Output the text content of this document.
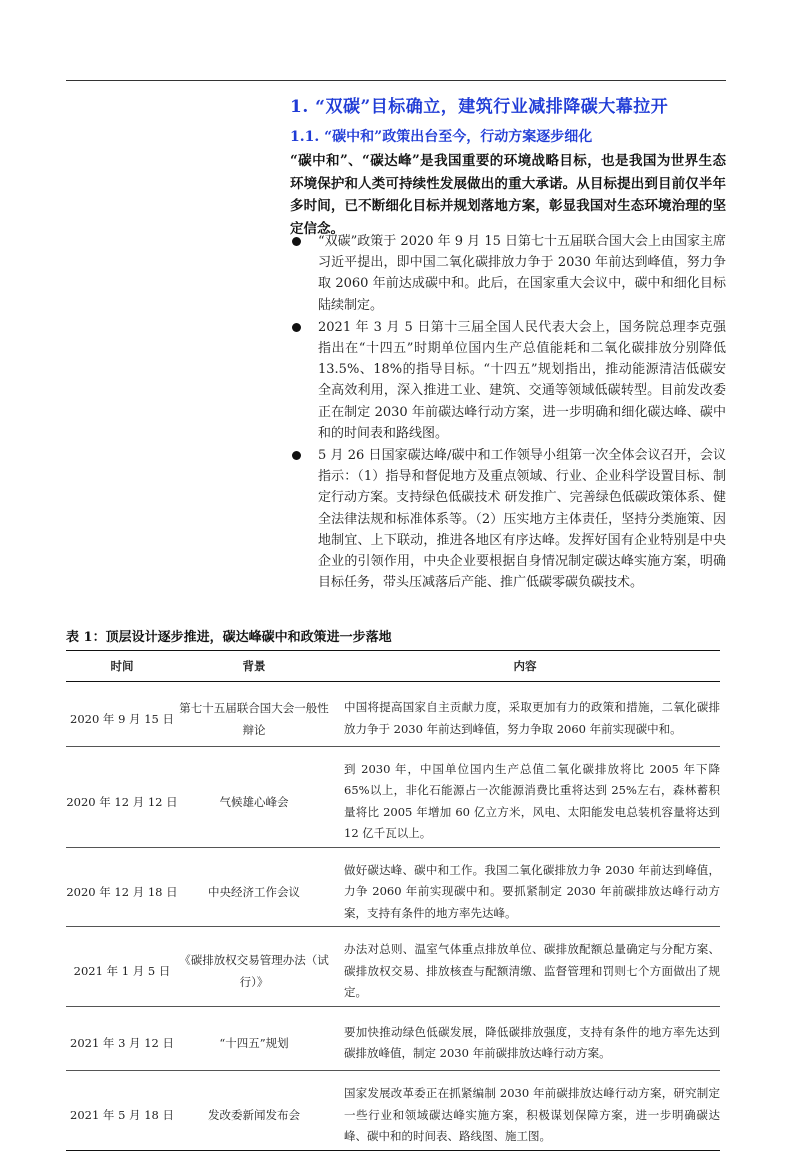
1. “双碳”目标确立，建筑行业减排降碳大幕拉开
1.1. “碳中和”政策出台至今，行动方案逐步细化
“碳中和”、“碳达峰”是我国重要的环境战略目标，也是我国为世界生态环境保护和人类可持续性发展做出的重大承诺。从目标提出到目前仅半年多时间，已不断细化目标并规划落地方案，彰显我国对生态环境治理的坚定信念。
“双碳”政策于 2020 年 9 月 15 日第七十五届联合国大会上由国家主席习近平提出，即中国二氧化碳排放力争于 2030 年前达到峰值，努力争取 2060 年前达成碳中和。此后，在国家重大会议中，碳中和细化目标陆续制定。
2021 年 3 月 5 日第十三届全国人民代表大会上，国务院总理李克强指出在“十四五”时期单位国内生产总值能耗和二氧化碳排放分别降低 13.5%、18%的指导目标。“十四五”规划指出，推动能源清洁低碳安全高效利用，深入推进工业、建筑、交通等领域低碳转型。目前发改委正在制定 2030 年前碳达峰行动方案，进一步明确和细化碳达峰、碳中和的时间表和路线图。
5 月 26 日国家碳达峰/碳中和工作领导小组第一次全体会议召开，会议指示：（1）指导和督促地方及重点领域、行业、企业科学设置目标、制定行动方案。支持绿色低碳技术 研发推广、完善绿色低碳政策体系、健全法律法规和标准体系等。（2）压实地方主体责任，坚持分类施策、因地制宜、上下联动，推进各地区有序达峰。发挥好国有企业特别是中央企业的引领作用，中央企业要根据自身情况制定碳达峰实施方案，明确目标任务，带头压减落后产能、推广低碳零碳负碳技术。
表 1：顶层设计逐步推进，碳达峰碳中和政策进一步落地
时间	背景	内容

2020 年 9 月 15 日	第七十五届联合国大会一般性辩论	中国将提高国家自主贡献力度，采取更加有力的政策和措施，二氧化碳排放力争于 2030 年前达到峰值，努力争取 2060 年前实现碳中和。

2020 年 12 月 12 日	气候雄心峰会	到 2030 年，中国单位国内生产总值二氧化碳排放将比 2005 年下降 65%以上，非化石能源占一次能源消费比重将达到 25%左右，森林蓄积量将比 2005 年增加 60 亿立方米，风电、太阳能发电总装机容量将达到 12 亿千瓦以上。

2020 年 12 月 18 日	中央经济工作会议	做好碳达峰、碳中和工作。我国二氧化碳排放力争 2030 年前达到峰值，力争 2060 年前实现碳中和。要抓紧制定 2030 年前碳排放达峰行动方案，支持有条件的地方率先达峰。

2021 年 1 月 5 日	《碳排放权交易管理办法（试行）》	办法对总则、温室气体重点排放单位、碳排放配额总量确定与分配方案、碳排放权交易、排放核查与配额清缴、监督管理和罚则七个方面做出了规定。

2021 年 3 月 12 日	“十四五”规划	要加快推动绿色低碳发展，降低碳排放强度，支持有条件的地方率先达到碳排放峰值，制定 2030 年前碳排放达峰行动方案。

2021 年 5 月 18 日	发改委新闻发布会	国家发展改革委正在抓紧编制 2030 年前碳排放达峰行动方案，研究制定一些行业和领域碳达峰实施方案，积极谋划保障方案，进一步明确碳达峰、碳中和的时间表、路线图、施工图。
